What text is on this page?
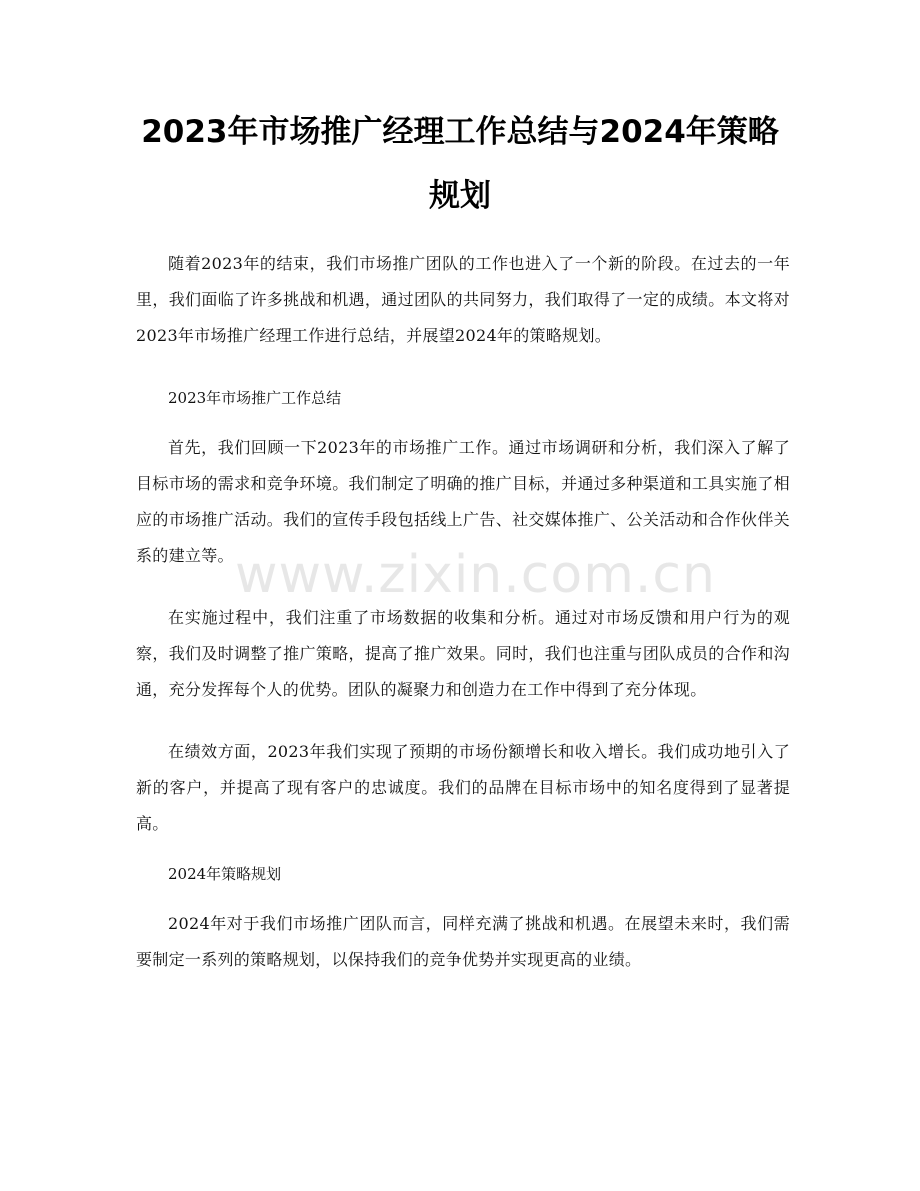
2023年市场推广经理工作总结与2024年策略规划

随着2023年的结束，我们市场推广团队的工作也进入了一个新的阶段。在过去的一年里，我们面临了许多挑战和机遇，通过团队的共同努力，我们取得了一定的成绩。本文将对2023年市场推广经理工作进行总结，并展望2024年的策略规划。

2023年市场推广工作总结

首先，我们回顾一下2023年的市场推广工作。通过市场调研和分析，我们深入了解了目标市场的需求和竞争环境。我们制定了明确的推广目标，并通过多种渠道和工具实施了相应的市场推广活动。我们的宣传手段包括线上广告、社交媒体推广、公关活动和合作伙伴关系的建立等。

在实施过程中，我们注重了市场数据的收集和分析。通过对市场反馈和用户行为的观察，我们及时调整了推广策略，提高了推广效果。同时，我们也注重与团队成员的合作和沟通，充分发挥每个人的优势。团队的凝聚力和创造力在工作中得到了充分体现。

在绩效方面，2023年我们实现了预期的市场份额增长和收入增长。我们成功地引入了新的客户，并提高了现有客户的忠诚度。我们的品牌在目标市场中的知名度得到了显著提高。

2024年策略规划

2024年对于我们市场推广团队而言，同样充满了挑战和机遇。在展望未来时，我们需要制定一系列的策略规划，以保持我们的竞争优势并实现更高的业绩。

www.zixin.com.cn
